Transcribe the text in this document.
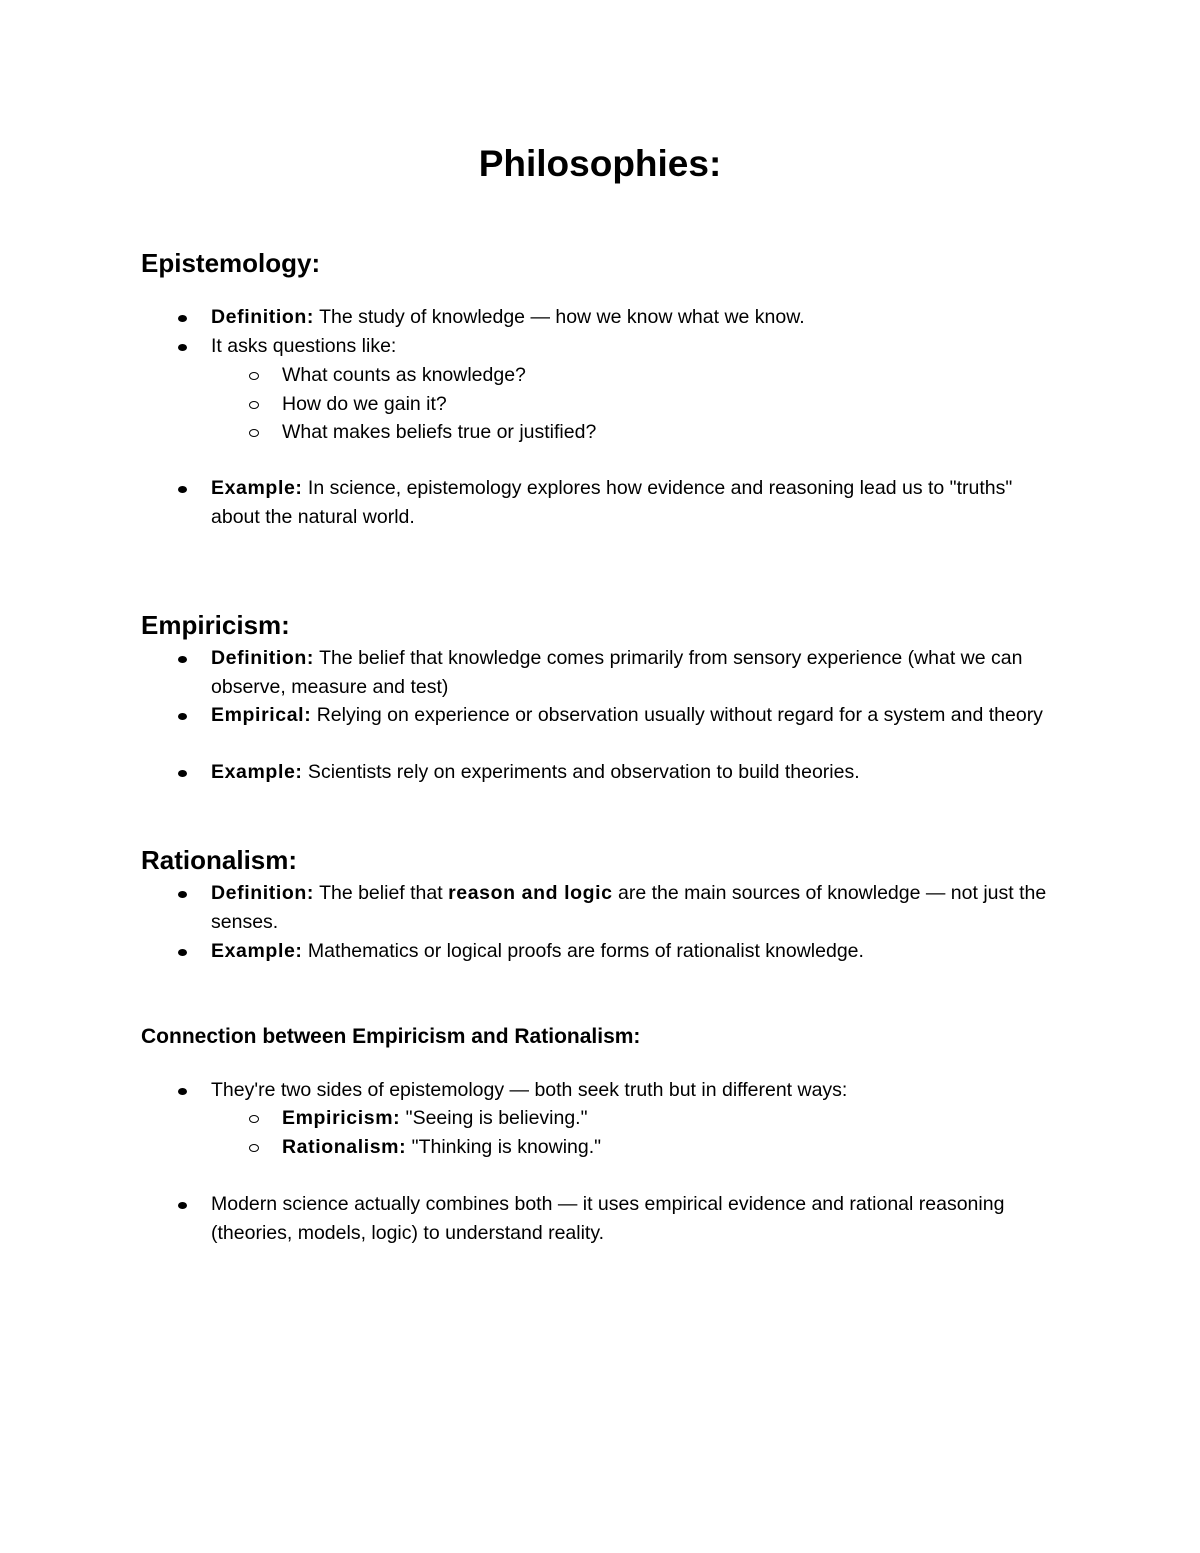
Philosophies:
Epistemology:
Definition: The study of knowledge — how we know what we know.
It asks questions like:
What counts as knowledge?
How do we gain it?
What makes beliefs true or justified?
Example: In science, epistemology explores how evidence and reasoning lead us to "truths" about the natural world.
Empiricism:
Definition: The belief that knowledge comes primarily from sensory experience (what we can observe, measure and test)
Empirical: Relying on experience or observation usually without regard for a system and theory
Example: Scientists rely on experiments and observation to build theories.
Rationalism:
Definition: The belief that reason and logic are the main sources of knowledge — not just the senses.
Example: Mathematics or logical proofs are forms of rationalist knowledge.
Connection between Empiricism and Rationalism:
They're two sides of epistemology — both seek truth but in different ways:
Empiricism: "Seeing is believing."
Rationalism: "Thinking is knowing."
Modern science actually combines both — it uses empirical evidence and rational reasoning (theories, models, logic) to understand reality.
